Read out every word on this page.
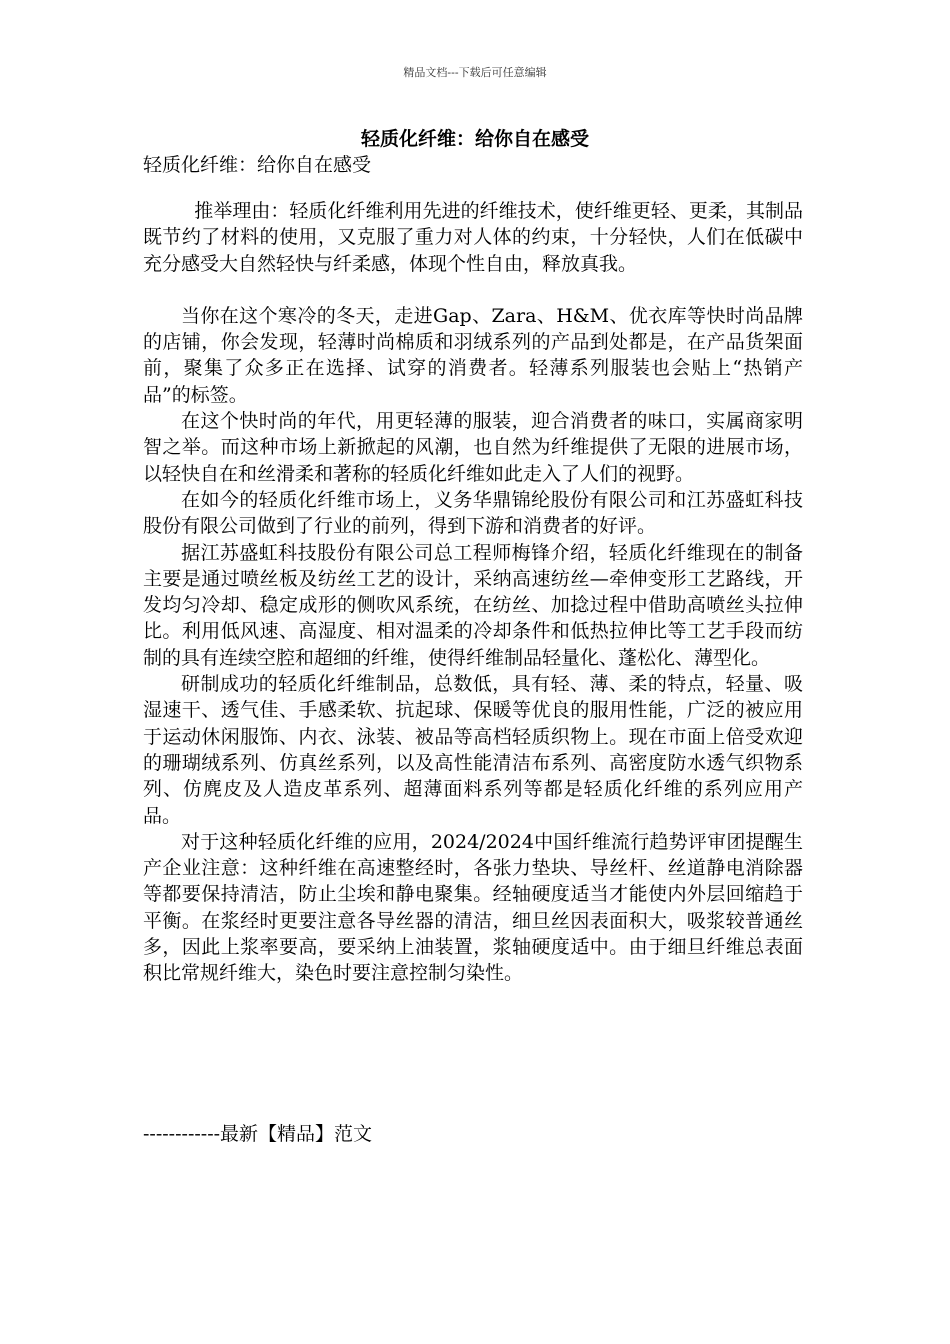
精品文档---下载后可任意编辑
轻质化纤维：给你自在感受
轻质化纤维：给你自在感受

推举理由：轻质化纤维利用先进的纤维技术，使纤维更轻、更柔，其制品既节约了材料的使用，又克服了重力对人体的约束，十分轻快，人们在低碳中充分感受大自然轻快与纤柔感，体现个性自由，释放真我。

当你在这个寒冷的冬天，走进Gap、Zara、H&M、优衣库等快时尚品牌的店铺，你会发现，轻薄时尚棉质和羽绒系列的产品到处都是，在产品货架面前，聚集了众多正在选择、试穿的消费者。轻薄系列服装也会贴上“热销产品”的标签。

在这个快时尚的年代，用更轻薄的服装，迎合消费者的味口，实属商家明智之举。而这种市场上新掀起的风潮，也自然为纤维提供了无限的进展市场，以轻快自在和丝滑柔和著称的轻质化纤维如此走入了人们的视野。

在如今的轻质化纤维市场上，义务华鼎锦纶股份有限公司和江苏盛虹科技股份有限公司做到了行业的前列，得到下游和消费者的好评。

据江苏盛虹科技股份有限公司总工程师梅锋介绍，轻质化纤维现在的制备主要是通过喷丝板及纺丝工艺的设计，采纳高速纺丝—牵伸变形工艺路线，开发均匀冷却、稳定成形的侧吹风系统，在纺丝、加捻过程中借助高喷丝头拉伸比。利用低风速、高湿度、相对温柔的冷却条件和低热拉伸比等工艺手段而纺制的具有连续空腔和超细的纤维，使得纤维制品轻量化、蓬松化、薄型化。

研制成功的轻质化纤维制品，总数低，具有轻、薄、柔的特点，轻量、吸湿速干、透气佳、手感柔软、抗起球、保暖等优良的服用性能，广泛的被应用于运动休闲服饰、内衣、泳装、被品等高档轻质织物上。现在市面上倍受欢迎的珊瑚绒系列、仿真丝系列，以及高性能清洁布系列、高密度防水透气织物系列、仿麂皮及人造皮革系列、超薄面料系列等都是轻质化纤维的系列应用产品。

对于这种轻质化纤维的应用，2024/2024中国纤维流行趋势评审团提醒生产企业注意：这种纤维在高速整经时，各张力垫块、导丝杆、丝道静电消除器等都要保持清洁，防止尘埃和静电聚集。经轴硬度适当才能使内外层回缩趋于平衡。在浆经时更要注意各导丝器的清洁，细旦丝因表面积大，吸浆较普通丝多，因此上浆率要高，要采纳上油装置，浆轴硬度适中。由于细旦纤维总表面积比常规纤维大，染色时要注意控制匀染性。

------------最新【精品】范文
